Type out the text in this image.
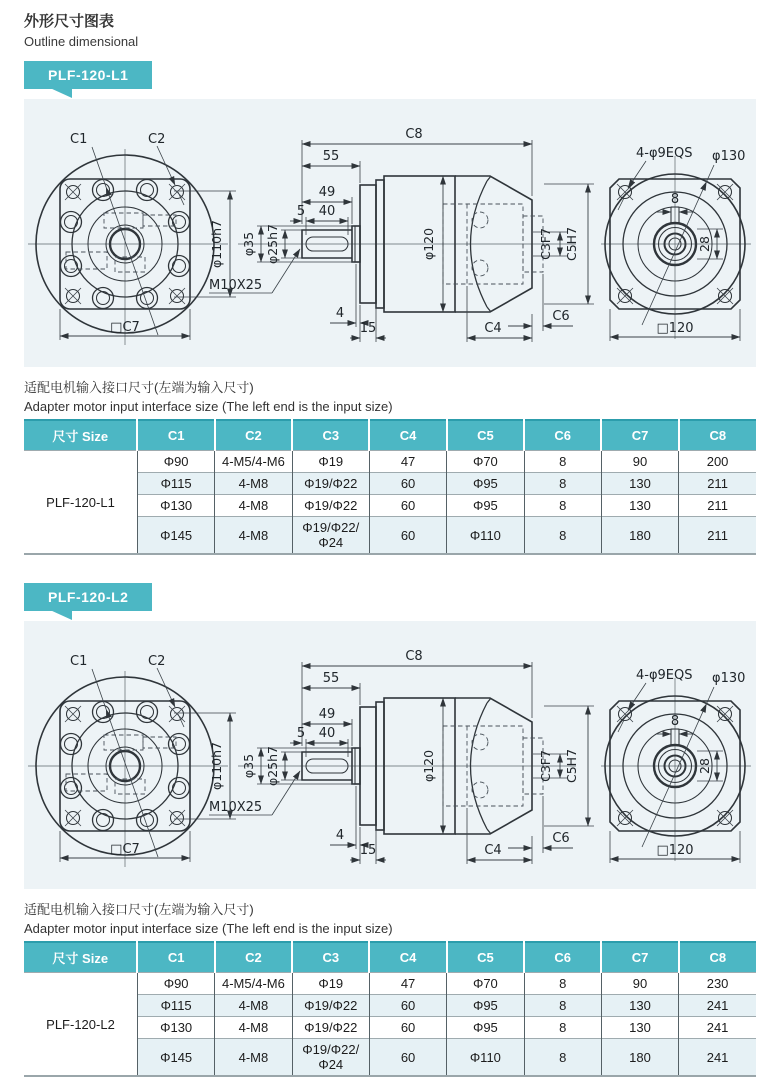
外形尺寸图表
Outline dimensional
PLF-120-L1
C1	C2
□C7
φ110h7
C8
55
49
5 40
φ35 φ25h7
M10X25
4
15	C4
C6
φ120	C3F7 C5H7
8
28
4-φ9EQS φ130
□120
适配电机输入接口尺寸(左端为输入尺寸)
Adapter motor input interface size (The left end is the input size)
尺寸 Size	C1	C2	C3	C4	C5	C6	C7	C8
PLF-120-L1	Φ90	4-M5/4-M6	Φ19	47	Φ70	8	90	200
	Φ115	4-M8	Φ19/Φ22	60	Φ95	8	130	211
	Φ130	4-M8	Φ19/Φ22	60	Φ95	8	130	211
	Φ145	4-M8	Φ19/Φ22/Φ24	60	Φ110	8	180	211
PLF-120-L2
C1	C2
□C7
φ110h7
C8
55
49
5 40
φ35 φ25h7
M10X25
4
15	C4
C6
φ120	C3F7 C5H7
8
28
4-φ9EQS φ130
□120
适配电机输入接口尺寸(左端为输入尺寸)
Adapter motor input interface size (The left end is the input size)
尺寸 Size	C1	C2	C3	C4	C5	C6	C7	C8
PLF-120-L2	Φ90	4-M5/4-M6	Φ19	47	Φ70	8	90	230
	Φ115	4-M8	Φ19/Φ22	60	Φ95	8	130	241
	Φ130	4-M8	Φ19/Φ22	60	Φ95	8	130	241
	Φ145	4-M8	Φ19/Φ22/Φ24	60	Φ110	8	180	241
